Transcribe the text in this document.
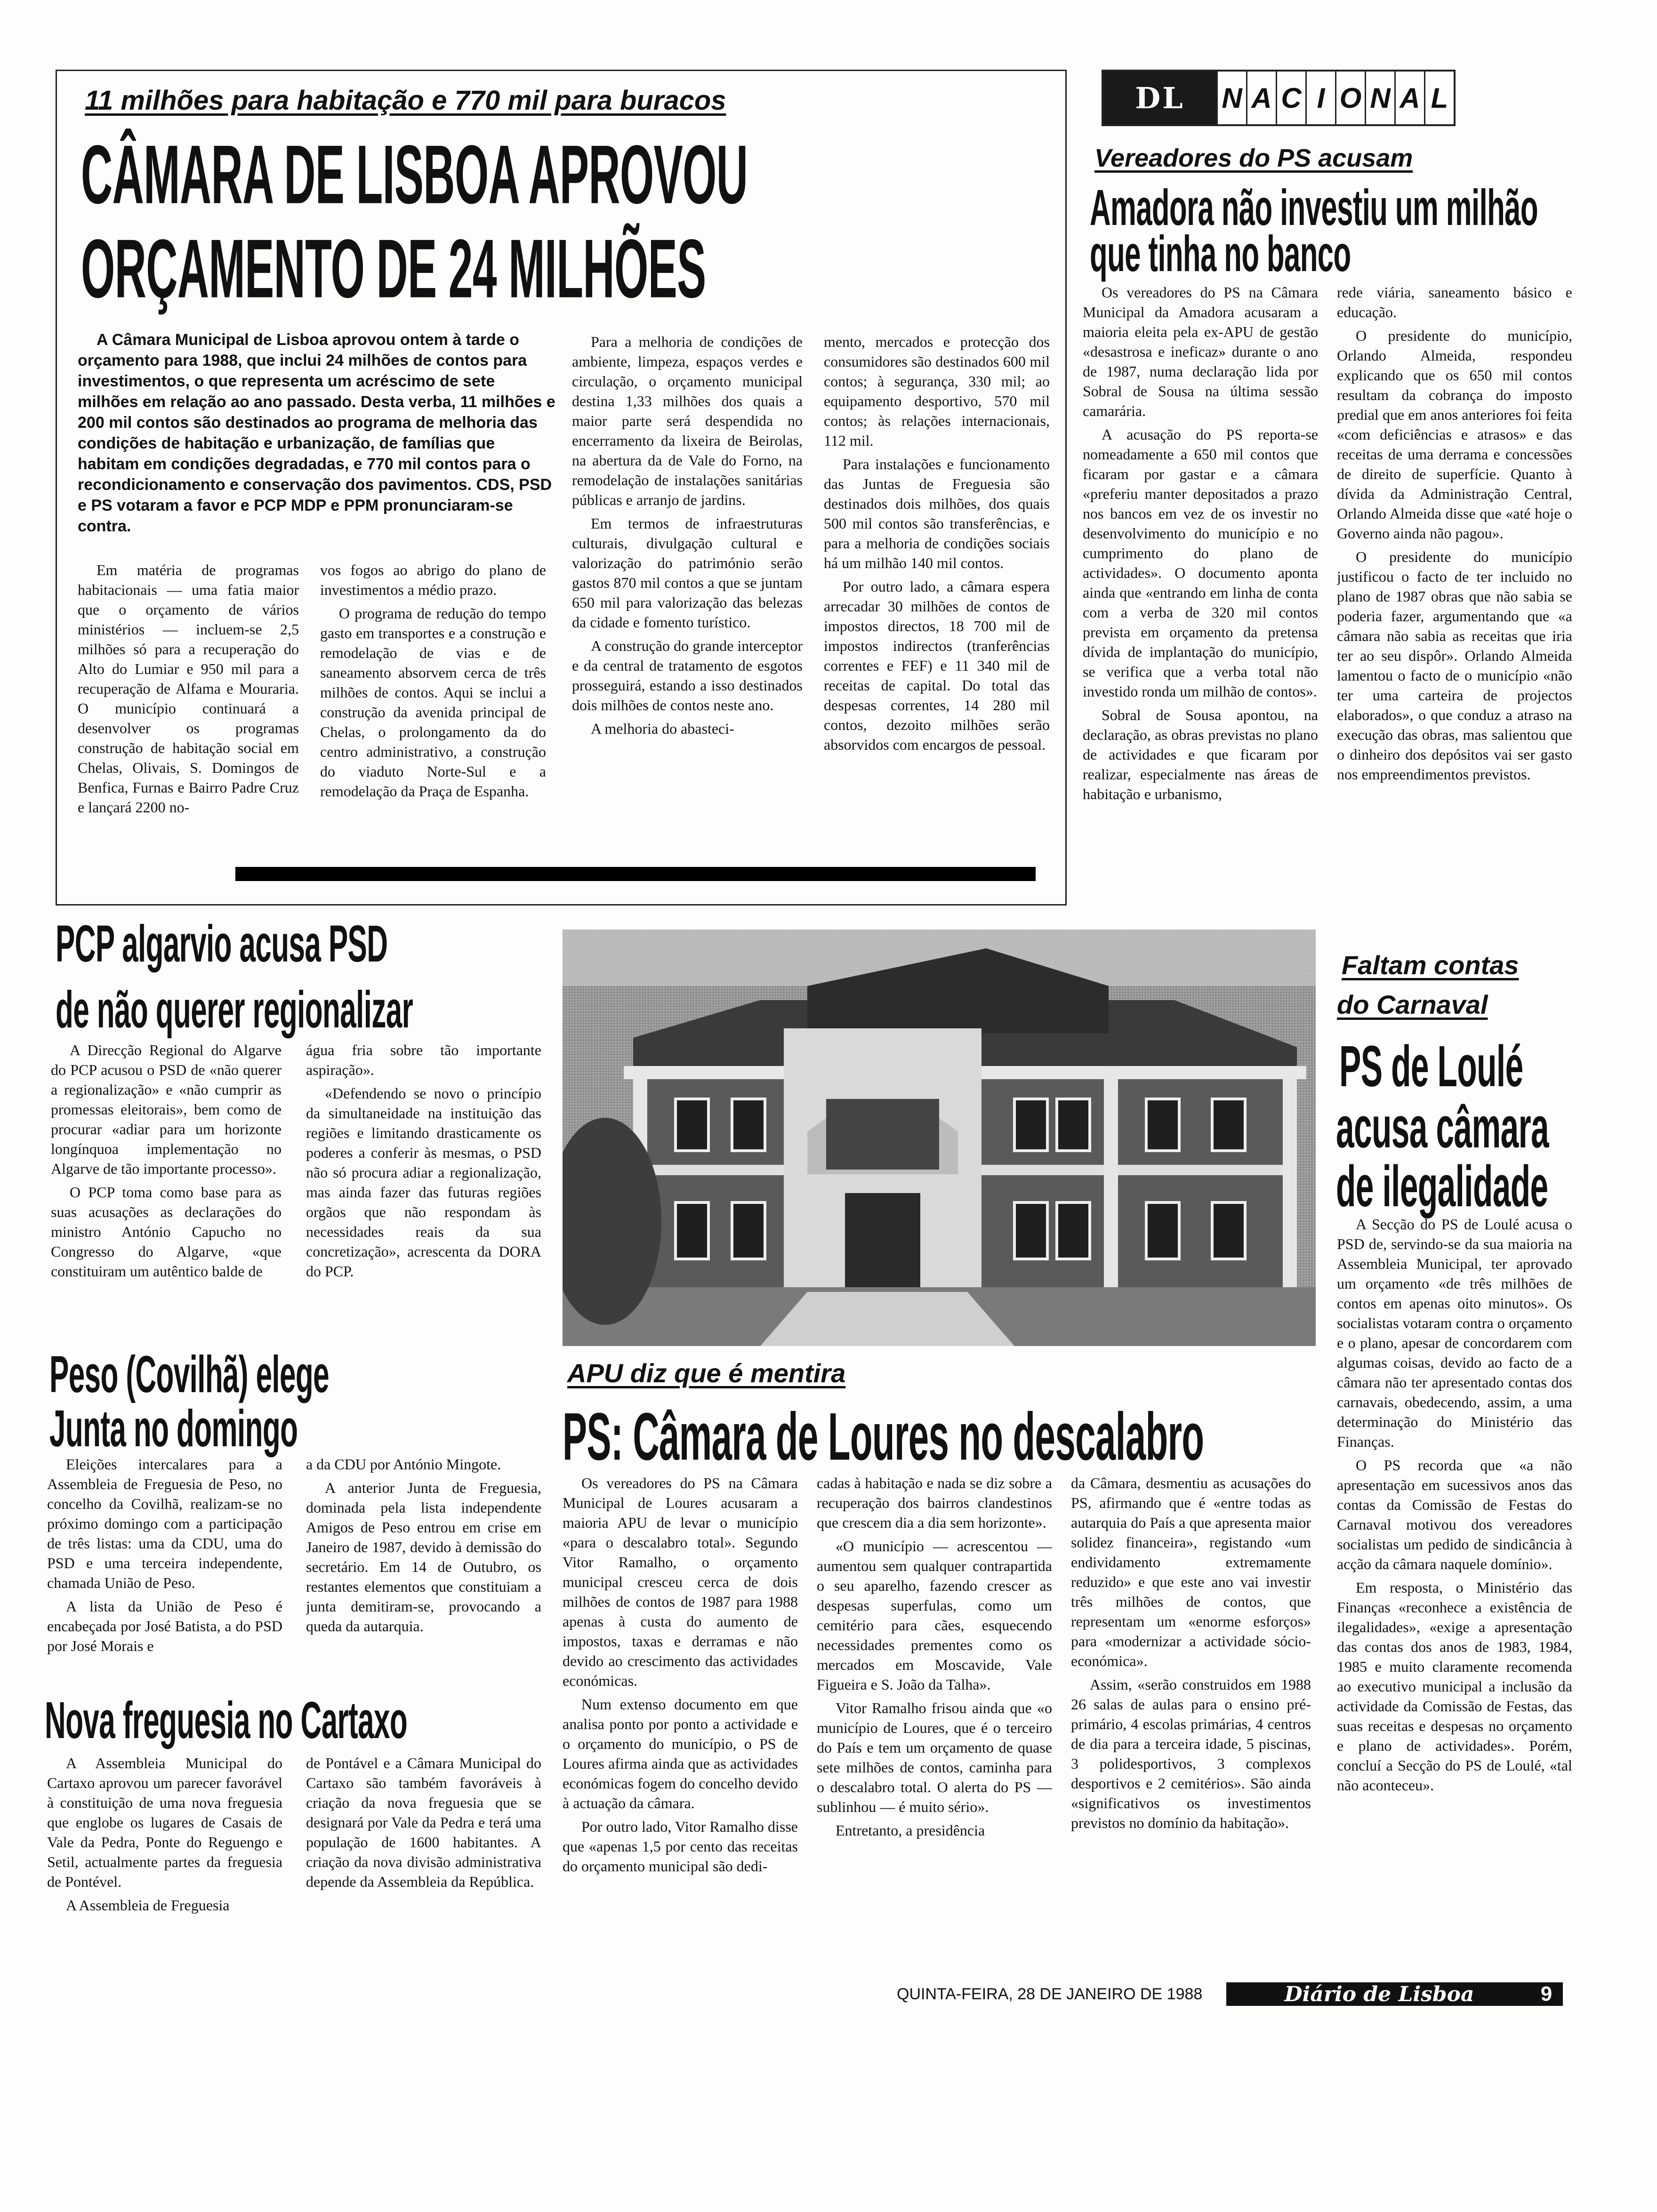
DL	N A C I O N A L
11 milhões para habitação e 770 mil para buracos
CÂMARA DE LISBOA APROVOU
ORÇAMENTO DE 24 MILHÕES

A Câmara Municipal de Lisboa aprovou ontem à tarde o orçamento para 1988, que inclui 24 milhões de contos para investimentos, o que representa um acréscimo de sete milhões em relação ao ano passado. Desta verba, 11 milhões e 200 mil contos são destinados ao programa de melhoria das condições de habitação e urbanização, de famílias que habitam em condições degradadas, e 770 mil contos para o recondicionamento e conservação dos pavimentos. CDS, PSD e PS votaram a favor e PCP MDP e PPM pronunciaram-se contra.

Em matéria de programas habitacionais — uma fatia maior que o orçamento de vários ministérios — incluem-se 2,5 milhões só para a recuperação do Alto do Lumiar e 950 mil para a recuperação de Alfama e Mouraria. O município continuará a desenvolver os programas construção de habitação social em Chelas, Olivais, S. Domingos de Benfica, Furnas e Bairro Padre Cruz e lançará 2200 no-

vos fogos ao abrigo do plano de investimentos a médio prazo.

O programa de redução do tempo gasto em transportes e a construção e remodelação de vias e de saneamento absorvem cerca de três milhões de contos. Aqui se inclui a construção da avenida principal de Chelas, o prolongamento da do centro administrativo, a construção do viaduto Norte-Sul e a remodelação da Praça de Espanha.

Para a melhoria de condições de ambiente, limpeza, espaços verdes e circulação, o orçamento municipal destina 1,33 milhões dos quais a maior parte será despendida no encerramento da lixeira de Beirolas, na abertura da de Vale do Forno, na remodelação de instalações sanitárias públicas e arranjo de jardins.

Em termos de infraestruturas culturais, divulgação cultural e valorização do património serão gastos 870 mil contos a que se juntam 650 mil para valorização das belezas da cidade e fomento turístico.

A construção do grande interceptor e da central de tratamento de esgotos prosseguirá, estando a isso destinados dois milhões de contos neste ano.

A melhoria do abasteci-

mento, mercados e protecção dos consumidores são destinados 600 mil contos; à segurança, 330 mil; ao equipamento desportivo, 570 mil contos; às relações internacionais, 112 mil.

Para instalações e funcionamento das Juntas de Freguesia são destinados dois milhões, dos quais 500 mil contos são transferências, e para a melhoria de condições sociais há um milhão 140 mil contos.

Por outro lado, a câmara espera arrecadar 30 milhões de contos de impostos directos, 18 700 mil de impostos indirectos (tranferências correntes e FEF) e 11 340 mil de receitas de capital. Do total das despesas correntes, 14 280 mil contos, dezoito milhões serão absorvidos com encargos de pessoal.

Vereadores do PS acusam
Amadora não investiu um milhão
que tinha no banco

Os vereadores do PS na Câmara Municipal da Amadora acusaram a maioria eleita pela ex-APU de gestão «desastrosa e ineficaz» durante o ano de 1987, numa declaração lida por Sobral de Sousa na última sessão camarária.

A acusação do PS reporta-se nomeadamente a 650 mil contos que ficaram por gastar e a câmara «preferiu manter depositados a prazo nos bancos em vez de os investir no desenvolvimento do município e no cumprimento do plano de actividades». O documento aponta ainda que «entrando em linha de conta com a verba de 320 mil contos prevista em orçamento da pretensa dívida de implantação do município, se verifica que a verba total não investido ronda um milhão de contos».

Sobral de Sousa apontou, na declaração, as obras previstas no plano de actividades e que ficaram por realizar, especialmente nas áreas de habitação e urbanismo,

rede viária, saneamento básico e educação.

O presidente do município, Orlando Almeida, respondeu explicando que os 650 mil contos resultam da cobrança do imposto predial que em anos anteriores foi feita «com deficiências e atrasos» e das receitas de uma derrama e concessões de direito de superfície. Quanto à dívida da Administração Central, Orlando Almeida disse que «até hoje o Governo ainda não pagou».

O presidente do município justificou o facto de ter incluido no plano de 1987 obras que não sabia se poderia fazer, argumentando que «a câmara não sabia as receitas que iria ter ao seu dispôr». Orlando Almeida lamentou o facto de o município «não ter uma carteira de projectos elaborados», o que conduz a atraso na execução das obras, mas salientou que o dinheiro dos depósitos vai ser gasto nos empreendimentos previstos.

PCP algarvio acusa PSD
de não querer regionalizar

A Direcção Regional do Algarve do PCP acusou o PSD de «não querer a regionalização» e «não cumprir as promessas eleitorais», bem como de procurar «adiar para um horizonte longínquoa implementação no Algarve de tão importante processo».

O PCP toma como base para as suas acusações as declarações do ministro António Capucho no Congresso do Algarve, «que constituiram um autêntico balde de

água fria sobre tão importante aspiração».

«Defendendo se novo o princípio da simultaneidade na instituição das regiões e limitando drasticamente os poderes a conferir às mesmas, o PSD não só procura adiar a regionalização, mas ainda fazer das futuras regiões orgãos que não respondam às necessidades reais da sua concretização», acrescenta da DORA do PCP.

Faltam contas
do Carnaval
PS de Loulé
acusa câmara
de ilegalidade

A Secção do PS de Loulé acusa o PSD de, servindo-se da sua maioria na Assembleia Municipal, ter aprovado um orçamento «de três milhões de contos em apenas oito minutos». Os socialistas votaram contra o orçamento e o plano, apesar de concordarem com algumas coisas, devido ao facto de a câmara não ter apresentado contas dos carnavais, obedecendo, assim, a uma determinação do Ministério das Finanças.

O PS recorda que «a não apresentação em sucessivos anos das contas da Comissão de Festas do Carnaval motivou dos vereadores socialistas um pedido de sindicância à acção da câmara naquele domínio».

Em resposta, o Ministério das Finanças «reconhece a existência de ilegalidades», «exige a apresentação das contas dos anos de 1983, 1984, 1985 e muito claramente recomenda ao executivo municipal a inclusão da actividade da Comissão de Festas, das suas receitas e despesas no orçamento e plano de actividades». Porém, concluí a Secção do PS de Loulé, «tal não aconteceu».

Peso (Covilhã) elege
Junta no domingo

Eleições intercalares para a Assembleia de Freguesia de Peso, no concelho da Covilhã, realizam-se no próximo domingo com a participação de três listas: uma da CDU, uma do PSD e uma terceira independente, chamada União de Peso.

A lista da União de Peso é encabeçada por José Batista, a do PSD por José Morais e

a da CDU por António Mingote.

A anterior Junta de Freguesia, dominada pela lista independente Amigos de Peso entrou em crise em Janeiro de 1987, devido à demissão do secretário. Em 14 de Outubro, os restantes elementos que constituiam a junta demitiram-se, provocando a queda da autarquia.

Nova freguesia no Cartaxo

A Assembleia Municipal do Cartaxo aprovou um parecer favorável à constituição de uma nova freguesia que englobe os lugares de Casais de Vale da Pedra, Ponte do Reguengo e Setil, actualmente partes da freguesia de Pontével.

A Assembleia de Freguesia

de Pontável e a Câmara Municipal do Cartaxo são também favoráveis à criação da nova freguesia que se designará por Vale da Pedra e terá uma população de 1600 habitantes. A criação da nova divisão administrativa depende da Assembleia da República.

APU diz que é mentira
PS: Câmara de Loures no descalabro

Os vereadores do PS na Câmara Municipal de Loures acusaram a maioria APU de levar o município «para o descalabro total». Segundo Vitor Ramalho, o orçamento municipal cresceu cerca de dois milhões de contos de 1987 para 1988 apenas à custa do aumento de impostos, taxas e derramas e não devido ao crescimento das actividades económicas.

Num extenso documento em que analisa ponto por ponto a actividade e o orçamento do município, o PS de Loures afirma ainda que as actividades económicas fogem do concelho devido à actuação da câmara.

Por outro lado, Vitor Ramalho disse que «apenas 1,5 por cento das receitas do orçamento municipal são dedi-

cadas à habitação e nada se diz sobre a recuperação dos bairros clandestinos que crescem dia a dia sem horizonte».

«O município — acrescentou — aumentou sem qualquer contrapartida o seu aparelho, fazendo crescer as despesas superfulas, como um cemitério para cães, esquecendo necessidades prementes como os mercados em Moscavide, Vale Figueira e S. João da Talha».

Vitor Ramalho frisou ainda que «o município de Loures, que é o terceiro do País e tem um orçamento de quase sete milhões de contos, caminha para o descalabro total. O alerta do PS — sublinhou — é muito sério».

Entretanto, a presidência

da Câmara, desmentiu as acusações do PS, afirmando que é «entre todas as autarquia do País a que apresenta maior solidez financeira», registando «um endividamento extremamente reduzido» e que este ano vai investir três milhões de contos, que representam um «enorme esforços» para «modernizar a actividade sócio-económica».

Assim, «serão construidos em 1988 26 salas de aulas para o ensino pré-primário, 4 escolas primárias, 4 centros de dia para a terceira idade, 5 piscinas, 3 polidesportivos, 3 complexos desportivos e 2 cemitérios». São ainda «significativos os investimentos previstos no domínio da habitação».

QUINTA-FEIRA, 28 DE JANEIRO DE 1988	Diário de Lisboa	9
